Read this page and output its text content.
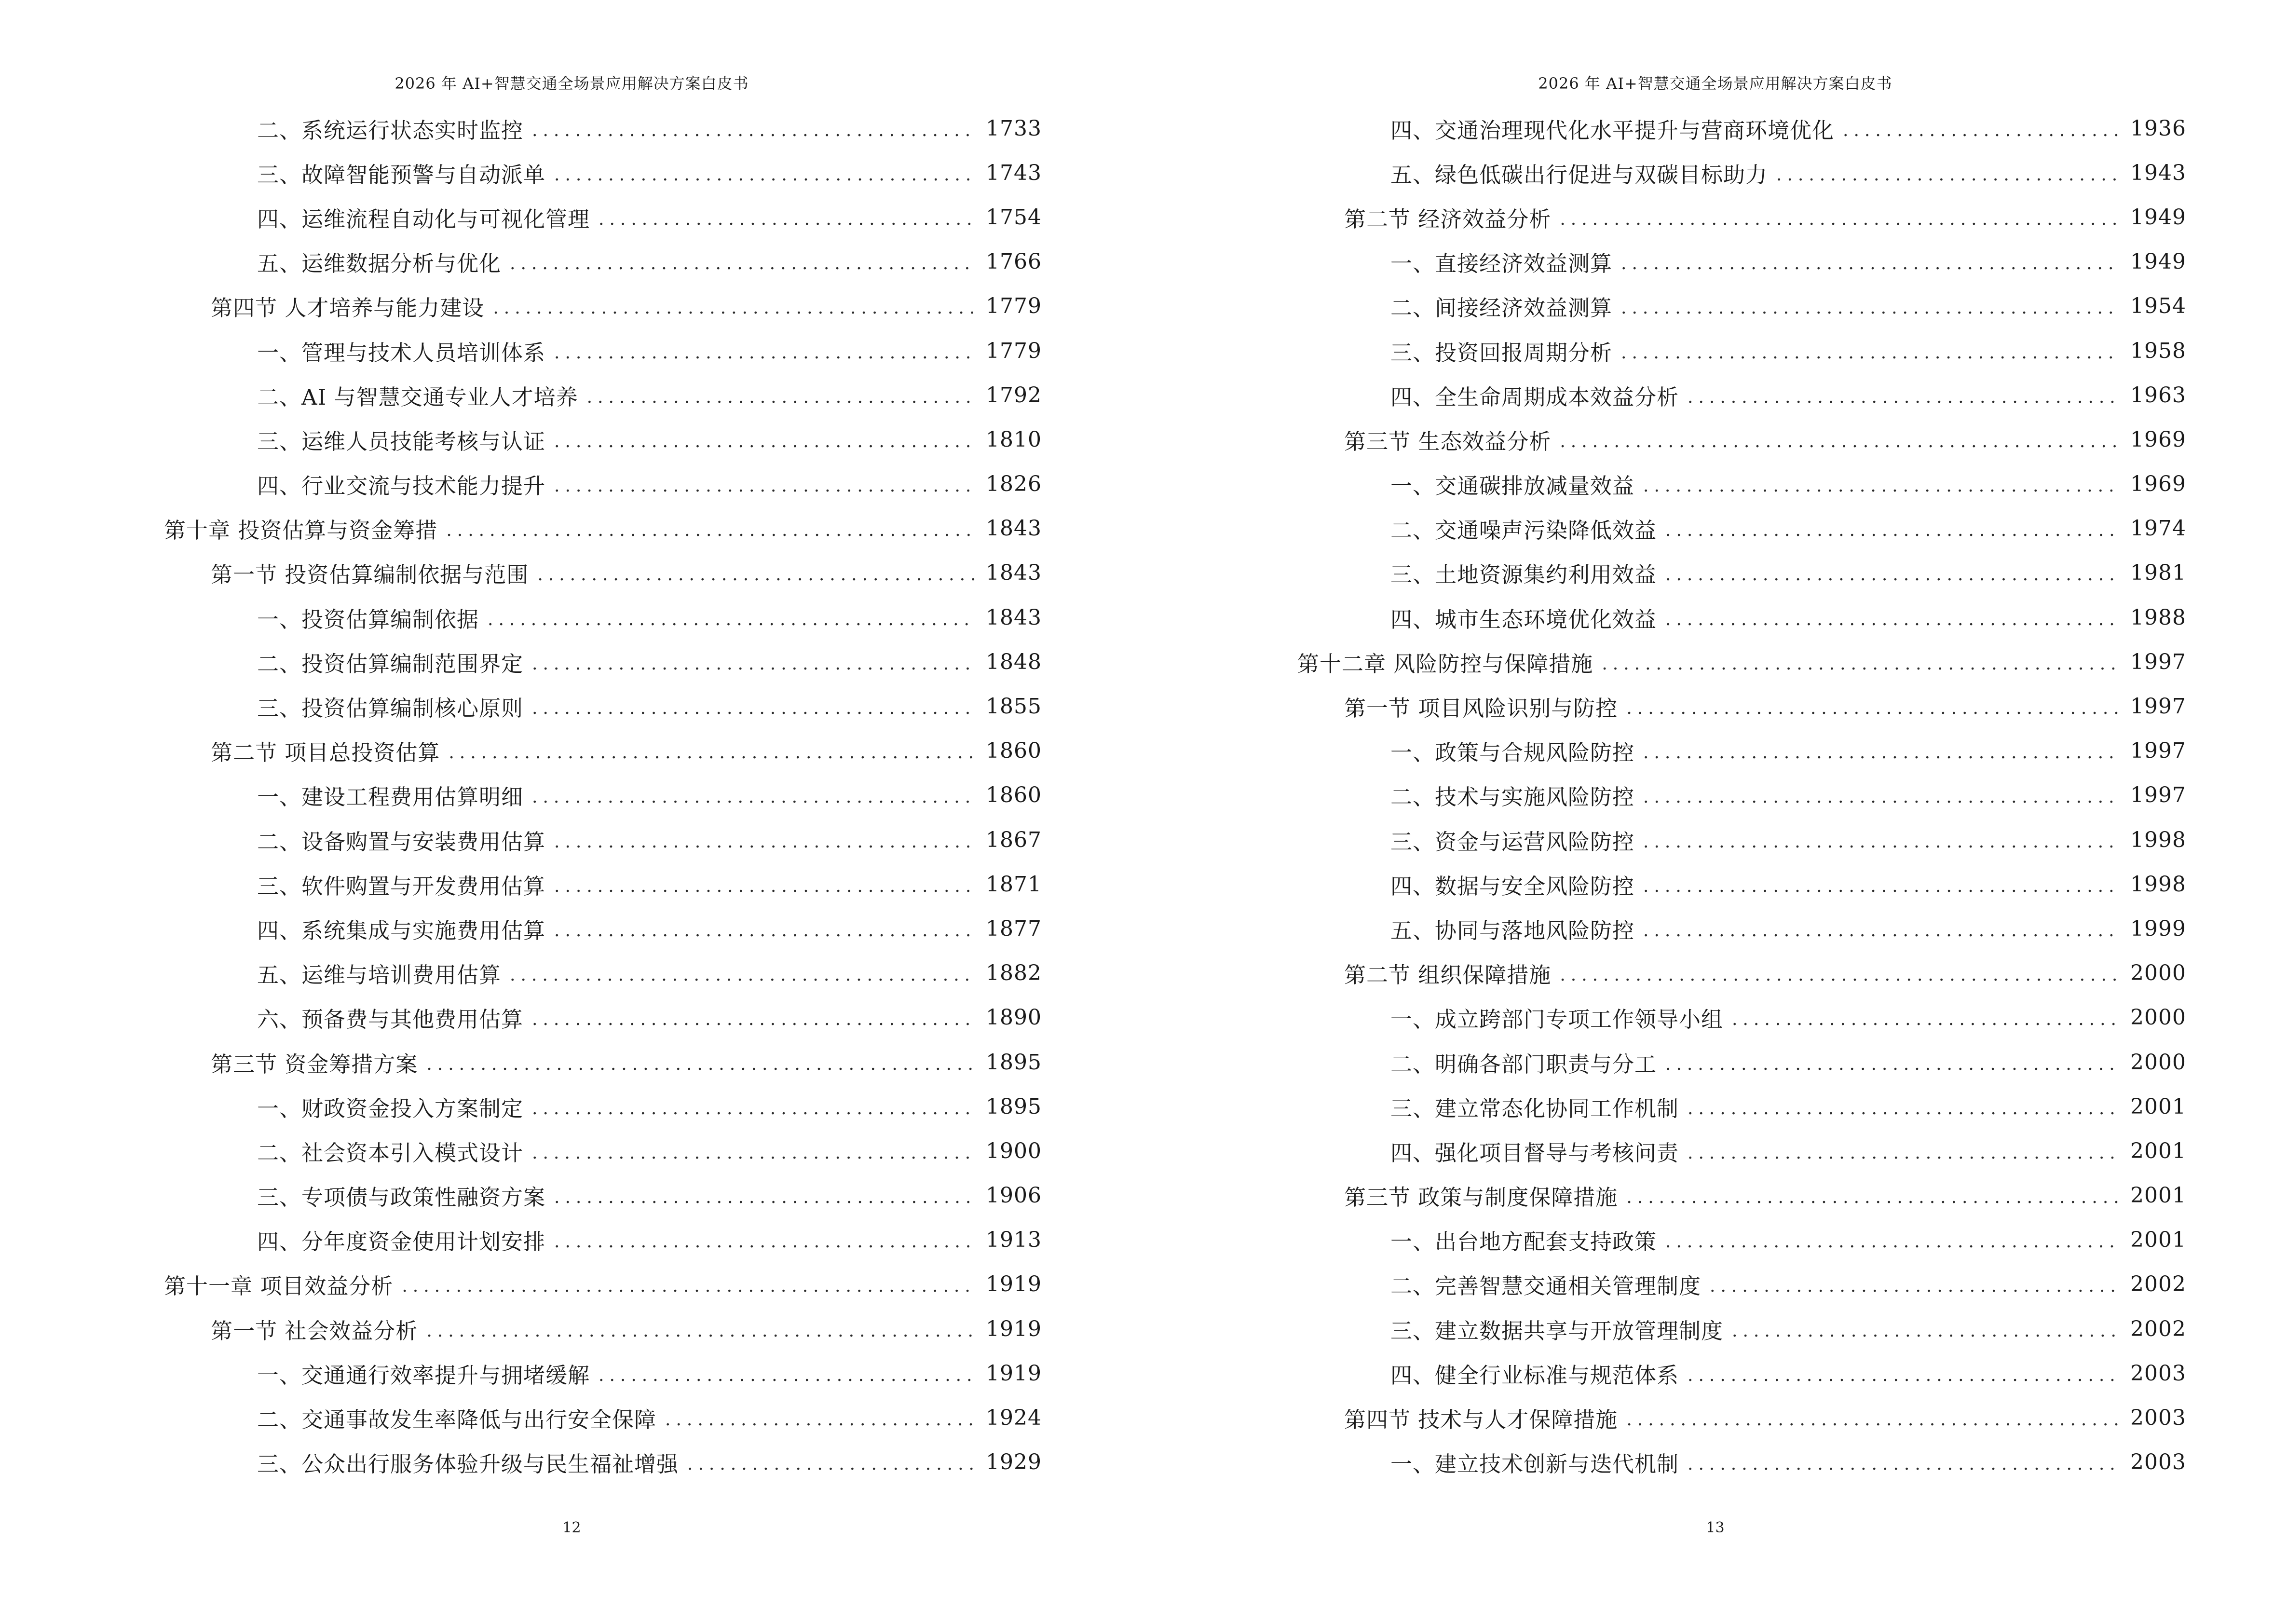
2026 年 AI+智慧交通全场景应用解决方案白皮书
二、系统运行状态实时监控 .....	1733
三、故障智能预警与自动派单 .....	1743
四、运维流程自动化与可视化管理 .....	1754
五、运维数据分析与优化 .....	1766
第四节 人才培养与能力建设 .....	1779
一、管理与技术人员培训体系 .....	1779
二、AI 与智慧交通专业人才培养 .....	1792
三、运维人员技能考核与认证 .....	1810
四、行业交流与技术能力提升 .....	1826
第十章 投资估算与资金筹措 .....	1843
第一节 投资估算编制依据与范围 .....	1843
一、投资估算编制依据 .....	1843
二、投资估算编制范围界定 .....	1848
三、投资估算编制核心原则 .....	1855
第二节 项目总投资估算 .....	1860
一、建设工程费用估算明细 .....	1860
二、设备购置与安装费用估算 .....	1867
三、软件购置与开发费用估算 .....	1871
四、系统集成与实施费用估算 .....	1877
五、运维与培训费用估算 .....	1882
六、预备费与其他费用估算 .....	1890
第三节 资金筹措方案 .....	1895
一、财政资金投入方案制定 .....	1895
二、社会资本引入模式设计 .....	1900
三、专项债与政策性融资方案 .....	1906
四、分年度资金使用计划安排 .....	1913
第十一章 项目效益分析 .....	1919
第一节 社会效益分析 .....	1919
一、交通通行效率提升与拥堵缓解 .....	1919
二、交通事故发生率降低与出行安全保障 .....	1924
三、公众出行服务体验升级与民生福祉增强 .....	1929
12
2026 年 AI+智慧交通全场景应用解决方案白皮书
四、交通治理现代化水平提升与营商环境优化 .....	1936
五、绿色低碳出行促进与双碳目标助力 .....	1943
第二节 经济效益分析 .....	1949
一、直接经济效益测算 .....	1949
二、间接经济效益测算 .....	1954
三、投资回报周期分析 .....	1958
四、全生命周期成本效益分析 .....	1963
第三节 生态效益分析 .....	1969
一、交通碳排放减量效益 .....	1969
二、交通噪声污染降低效益 .....	1974
三、土地资源集约利用效益 .....	1981
四、城市生态环境优化效益 .....	1988
第十二章 风险防控与保障措施 .....	1997
第一节 项目风险识别与防控 .....	1997
一、政策与合规风险防控 .....	1997
二、技术与实施风险防控 .....	1997
三、资金与运营风险防控 .....	1998
四、数据与安全风险防控 .....	1998
五、协同与落地风险防控 .....	1999
第二节 组织保障措施 .....	2000
一、成立跨部门专项工作领导小组 .....	2000
二、明确各部门职责与分工 .....	2000
三、建立常态化协同工作机制 .....	2001
四、强化项目督导与考核问责 .....	2001
第三节 政策与制度保障措施 .....	2001
一、出台地方配套支持政策 .....	2001
二、完善智慧交通相关管理制度 .....	2002
三、建立数据共享与开放管理制度 .....	2002
四、健全行业标准与规范体系 .....	2003
第四节 技术与人才保障措施 .....	2003
一、建立技术创新与迭代机制 .....	2003
13
